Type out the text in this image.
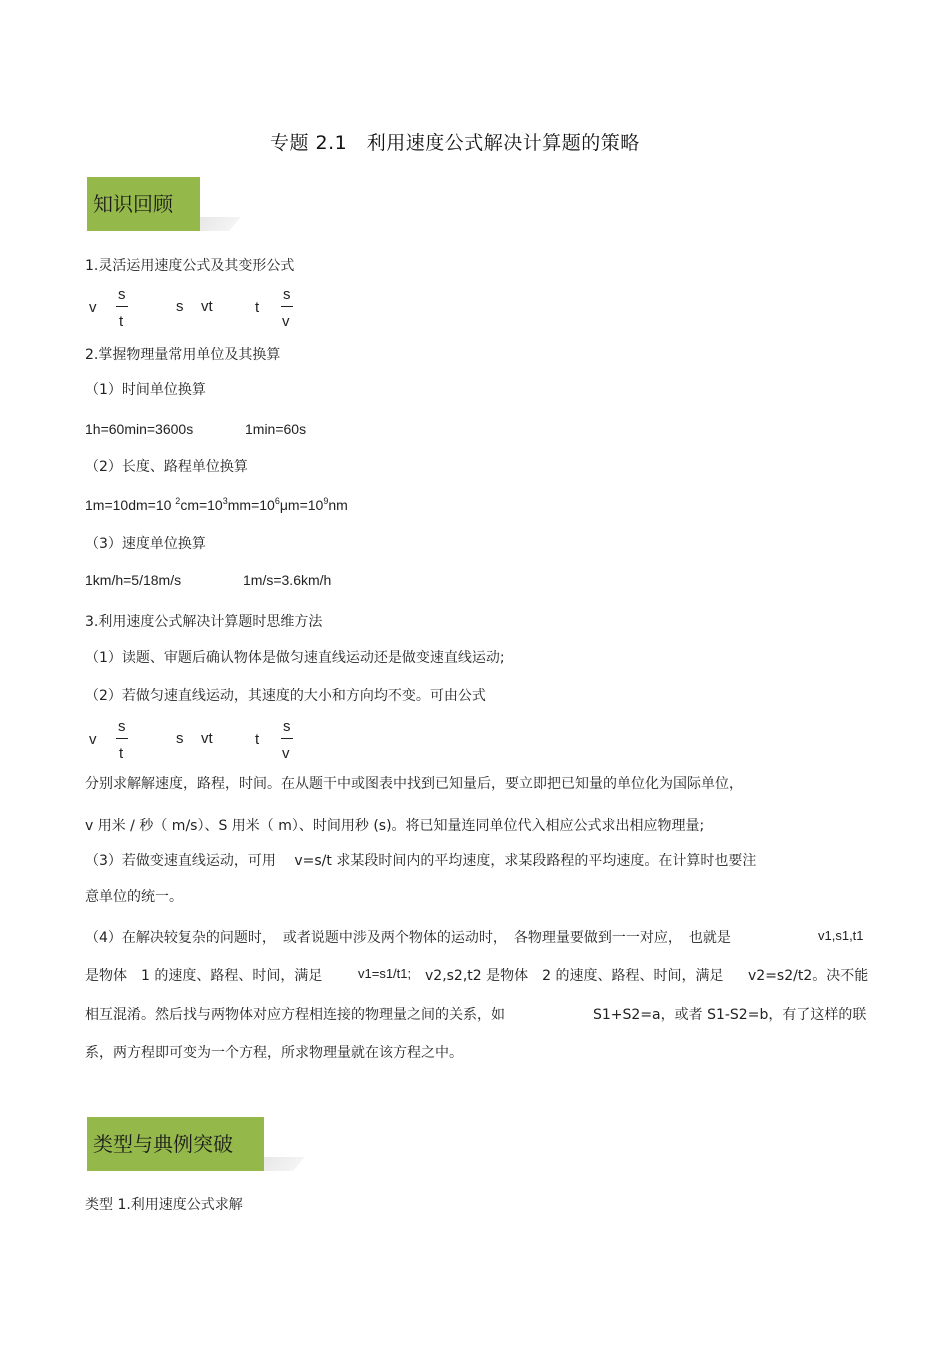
专题 2.1　利用速度公式解决计算题的策略
知识回顾
1.灵活运用速度公式及其变形公式
v
s
t
s vt	t
s
v
2.掌握物理量常用单位及其换算
（1）时间单位换算
1h=60min=3600s	1min=60s
（2）长度、路程单位换算
1m=10dm=10 $^2cm=10^3mm=10^6\mu m=10^9nm$
（3）速度单位换算
1km/h=5/18m/s	1m/s=3.6km/h
3.利用速度公式解决计算题时思维方法
（1）读题、审题后确认物体是做匀速直线运动还是做变速直线运动;
（2）若做匀速直线运动，其速度的大小和方向均不变。可由公式
v
s
t
s vt	t
s
v
分别求解解速度，路程，时间。在从题干中或图表中找到已知量后，要立即把已知量的单位化为国际单位，
v 用米 / 秒（ m/s）、S 用米（ m）、时间用秒 (s)。将已知量连同单位代入相应公式求出相应物理量;
（3）若做变速直线运动，可用　 v=s/t 求某段时间内的平均速度，求某段路程的平均速度。在计算时也要注
意单位的统一。
（4）在解决较复杂的问题时，　或者说题中涉及两个物体的运动时，　各物理量要做到一一对应，　也就是	v1,s1,t1
是物体　1 的速度、路程、时间，满足	v1=s1/t1; v2,s2,t2 是物体　2 的速度、路程、时间，满足 v2=s2/t2。决不能
相互混淆。然后找与两物体对应方程相连接的物理量之间的关系，如	S1+S2=a，或者 S1-S2=b，有了这样的联
系，两方程即可变为一个方程，所求物理量就在该方程之中。
类型与典例突破
类型 1.利用速度公式求解
